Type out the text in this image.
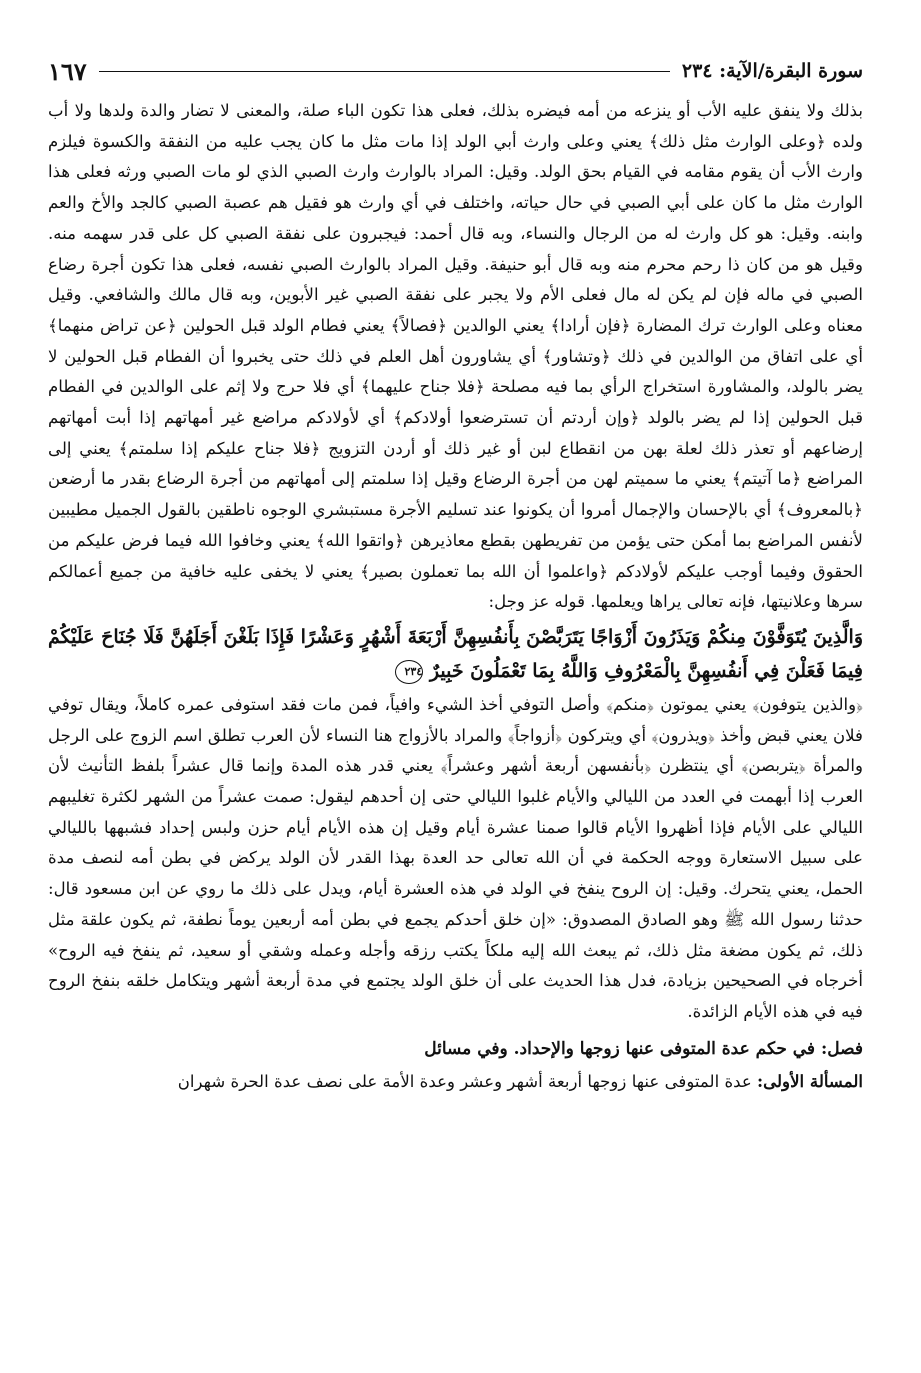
سورة البقرة/الآية: ٢٣٤
١٦٧

بذلك ولا ينفق عليه الأب أو ينزعه من أمه فيضره بذلك، فعلى هذا تكون الباء صلة، والمعنى لا تضار والدة ولدها ولا أب ولده ﴿وعلى الوارث مثل ذلك﴾ يعني وعلى وارث أبي الولد إذا مات مثل ما كان يجب عليه من النفقة والكسوة فيلزم وارث الأب أن يقوم مقامه في القيام بحق الولد. وقيل: المراد بالوارث وارث الصبي الذي لو مات الصبي ورثه فعلى هذا الوارث مثل ما كان على أبي الصبي في حال حياته، واختلف في أي وارث هو فقيل هم عصبة الصبي كالجد والأخ والعم وابنه. وقيل: هو كل وارث له من الرجال والنساء، وبه قال أحمد: فيجبرون على نفقة الصبي كل على قدر سهمه منه. وقيل هو من كان ذا رحم محرم منه وبه قال أبو حنيفة. وقيل المراد بالوارث الصبي نفسه، فعلى هذا تكون أجرة رضاع الصبي في ماله فإن لم يكن له مال فعلى الأم ولا يجبر على نفقة الصبي غير الأبوين، وبه قال مالك والشافعي. وقيل معناه وعلى الوارث ترك المضارة ﴿فإن أرادا﴾ يعني الوالدين ﴿فصالاً﴾ يعني فطام الولد قبل الحولين ﴿عن تراض منهما﴾ أي على اتفاق من الوالدين في ذلك ﴿وتشاور﴾ أي يشاورون أهل العلم في ذلك حتى يخبروا أن الفطام قبل الحولين لا يضر بالولد، والمشاورة استخراج الرأي بما فيه مصلحة ﴿فلا جناح عليهما﴾ أي فلا حرج ولا إثم على الوالدين في الفطام قبل الحولين إذا لم يضر بالولد ﴿وإن أردتم أن تسترضعوا أولادكم﴾ أي لأولادكم مراضع غير أمهاتهم إذا أبت أمهاتهم إرضاعهم أو تعذر ذلك لعلة بهن من انقطاع لبن أو غير ذلك أو أردن التزويج ﴿فلا جناح عليكم إذا سلمتم﴾ يعني إلى المراضع ﴿ما آتيتم﴾ يعني ما سميتم لهن من أجرة الرضاع وقيل إذا سلمتم إلى أمهاتهم من أجرة الرضاع بقدر ما أرضعن ﴿بالمعروف﴾ أي بالإحسان والإجمال أمروا أن يكونوا عند تسليم الأجرة مستبشري الوجوه ناطقين بالقول الجميل مطيبين لأنفس المراضع بما أمكن حتى يؤمن من تفريطهن بقطع معاذيرهن ﴿واتقوا الله﴾ يعني وخافوا الله فيما فرض عليكم من الحقوق وفيما أوجب عليكم لأولادكم ﴿واعلموا أن الله بما تعملون بصير﴾ يعني لا يخفى عليه خافية من جميع أعمالكم سرها وعلانيتها، فإنه تعالى يراها ويعلمها. قوله عز وجل:

وَالَّذِينَ يُتَوَفَّوْنَ مِنكُمْ وَيَذَرُونَ أَزْوَاجًا يَتَرَبَّصْنَ بِأَنفُسِهِنَّ أَرْبَعَةَ أَشْهُرٍ وَعَشْرًا فَإِذَا بَلَغْنَ أَجَلَهُنَّ فَلَا جُنَاحَ عَلَيْكُمْ فِيمَا فَعَلْنَ فِي أَنفُسِهِنَّ بِالْمَعْرُوفِ وَاللَّهُ بِمَا تَعْمَلُونَ خَبِيرٌ ٢٣٤

﴿والذين يتوفون﴾ يعني يموتون ﴿منكم﴾ وأصل التوفي أخذ الشيء وافياً، فمن مات فقد استوفى عمره كاملاً، ويقال توفي فلان يعني قبض وأخذ ﴿ويذرون﴾ أي ويتركون ﴿أزواجاً﴾ والمراد بالأزواج هنا النساء لأن العرب تطلق اسم الزوج على الرجل والمرأة ﴿يتربصن﴾ أي ينتظرن ﴿بأنفسهن أربعة أشهر وعشراً﴾ يعني قدر هذه المدة وإنما قال عشراً بلفظ التأنيث لأن العرب إذا أبهمت في العدد من الليالي والأيام غلبوا الليالي حتى إن أحدهم ليقول: صمت عشراً من الشهر لكثرة تغليبهم الليالي على الأيام فإذا أظهروا الأيام قالوا صمنا عشرة أيام وقيل إن هذه الأيام أيام حزن ولبس إحداد فشبهها بالليالي على سبيل الاستعارة ووجه الحكمة في أن الله تعالى حد العدة بهذا القدر لأن الولد يركض في بطن أمه لنصف مدة الحمل، يعني يتحرك. وقيل: إن الروح ينفخ في الولد في هذه العشرة أيام، ويدل على ذلك ما روي عن ابن مسعود قال: حدثنا رسول الله ﷺ وهو الصادق المصدوق: «إن خلق أحدكم يجمع في بطن أمه أربعين يوماً نطفة، ثم يكون علقة مثل ذلك، ثم يكون مضغة مثل ذلك، ثم يبعث الله إليه ملكاً يكتب رزقه وأجله وعمله وشقي أو سعيد، ثم ينفخ فيه الروح» أخرجاه في الصحيحين بزيادة، فدل هذا الحديث على أن خلق الولد يجتمع في مدة أربعة أشهر ويتكامل خلقه بنفخ الروح فيه في هذه الأيام الزائدة.

فصل: في حكم عدة المتوفى عنها زوجها والإحداد. وفي مسائل

المسألة الأولى: عدة المتوفى عنها زوجها أربعة أشهر وعشر وعدة الأمة على نصف عدة الحرة شهران
